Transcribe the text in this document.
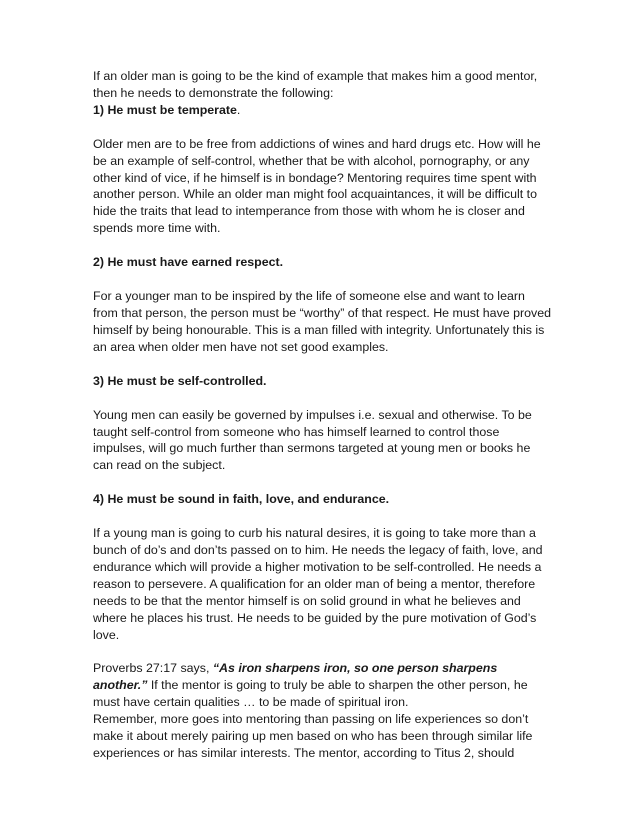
If an older man is going to be the kind of example that makes him a good mentor, then he needs to demonstrate the following:

1) He must be temperate.

Older men are to be free from addictions of wines and hard drugs etc. How will he be an example of self-control, whether that be with alcohol, pornography, or any other kind of vice, if he himself is in bondage? Mentoring requires time spent with another person. While an older man might fool acquaintances, it will be difficult to hide the traits that lead to intemperance from those with whom he is closer and spends more time with.

2) He must have earned respect.

For a younger man to be inspired by the life of someone else and want to learn from that person, the person must be “worthy” of that respect. He must have proved himself by being honourable. This is a man filled with integrity. Unfortunately this is an area when older men have not set good examples.

3) He must be self-controlled.

Young men can easily be governed by impulses i.e. sexual and otherwise. To be taught self-control from someone who has himself learned to control those impulses, will go much further than sermons targeted at young men or books he can read on the subject.

4) He must be sound in faith, love, and endurance.

If a young man is going to curb his natural desires, it is going to take more than a bunch of do’s and don’ts passed on to him. He needs the legacy of faith, love, and endurance which will provide a higher motivation to be self-controlled. He needs a reason to persevere. A qualification for an older man of being a mentor, therefore needs to be that the mentor himself is on solid ground in what he believes and where he places his trust. He needs to be guided by the pure motivation of God’s love.

Proverbs 27:17 says, “As iron sharpens iron, so one person sharpens another.” If the mentor is going to truly be able to sharpen the other person, he must have certain qualities … to be made of spiritual iron.

Remember, more goes into mentoring than passing on life experiences so don’t make it about merely pairing up men based on who has been through similar life experiences or has similar interests. The mentor, according to Titus 2, should
